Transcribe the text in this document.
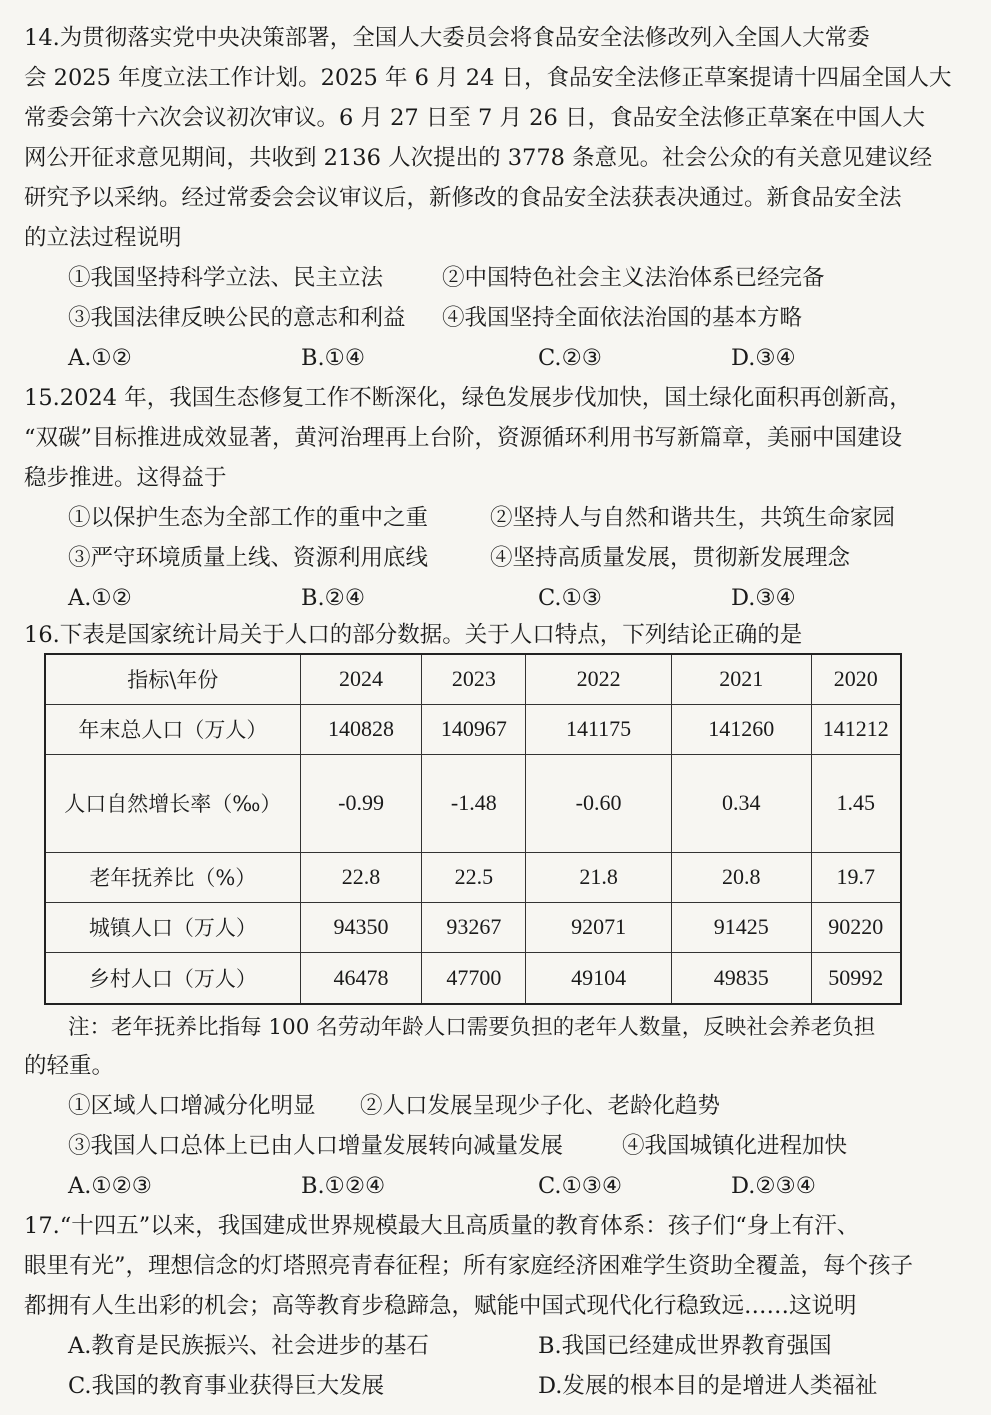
14.为贯彻落实党中央决策部署，全国人大委员会将食品安全法修改列入全国人大常委
会 2025 年度立法工作计划。2025 年 6 月 24 日，食品安全法修正草案提请十四届全国人大
常委会第十六次会议初次审议。6 月 27 日至 7 月 26 日，食品安全法修正草案在中国人大
网公开征求意见期间，共收到 2136 人次提出的 3778 条意见。社会公众的有关意见建议经
研究予以采纳。经过常委会会议审议后，新修改的食品安全法获表决通过。新食品安全法
的立法过程说明
①我国坚持科学立法、民主立法	②中国特色社会主义法治体系已经完备
③我国法律反映公民的意志和利益 ④我国坚持全面依法治国的基本方略
A.①②	B.①④	C.②③	D.③④
15.2024 年，我国生态修复工作不断深化，绿色发展步伐加快，国土绿化面积再创新高，
“双碳”目标推进成效显著，黄河治理再上台阶，资源循环利用书写新篇章，美丽中国建设
稳步推进。这得益于
①以保护生态为全部工作的重中之重	②坚持人与自然和谐共生，共筑生命家园
③严守环境质量上线、资源利用底线	④坚持高质量发展，贯彻新发展理念
A.①②	B.②④	C.①③	D.③④
16.下表是国家统计局关于人口的部分数据。关于人口特点，下列结论正确的是
指标\年份	2024	2023	2022	2021	2020
年末总人口（万人）	140828	140967	141175	141260	141212
人口自然增长率（‰）	-0.99	-1.48	-0.60	0.34	1.45
老年抚养比（%）	22.8	22.5	21.8	20.8	19.7
城镇人口（万人）	94350	93267	92071	91425	90220
乡村人口（万人）	46478	47700	49104	49835	50992
注：老年抚养比指每 100 名劳动年龄人口需要负担的老年人数量，反映社会养老负担
的轻重。
①区域人口增减分化明显 ②人口发展呈现少子化、老龄化趋势
③我国人口总体上已由人口增量发展转向减量发展	④我国城镇化进程加快
A.①②③	B.①②④	C.①③④	D.②③④
17.“十四五”以来，我国建成世界规模最大且高质量的教育体系：孩子们“身上有汗、
眼里有光”，理想信念的灯塔照亮青春征程；所有家庭经济困难学生资助全覆盖，每个孩子
都拥有人生出彩的机会；高等教育步稳蹄急，赋能中国式现代化行稳致远……这说明
A.教育是民族振兴、社会进步的基石	B.我国已经建成世界教育强国
C.我国的教育事业获得巨大发展	D.发展的根本目的是增进人类福祉
